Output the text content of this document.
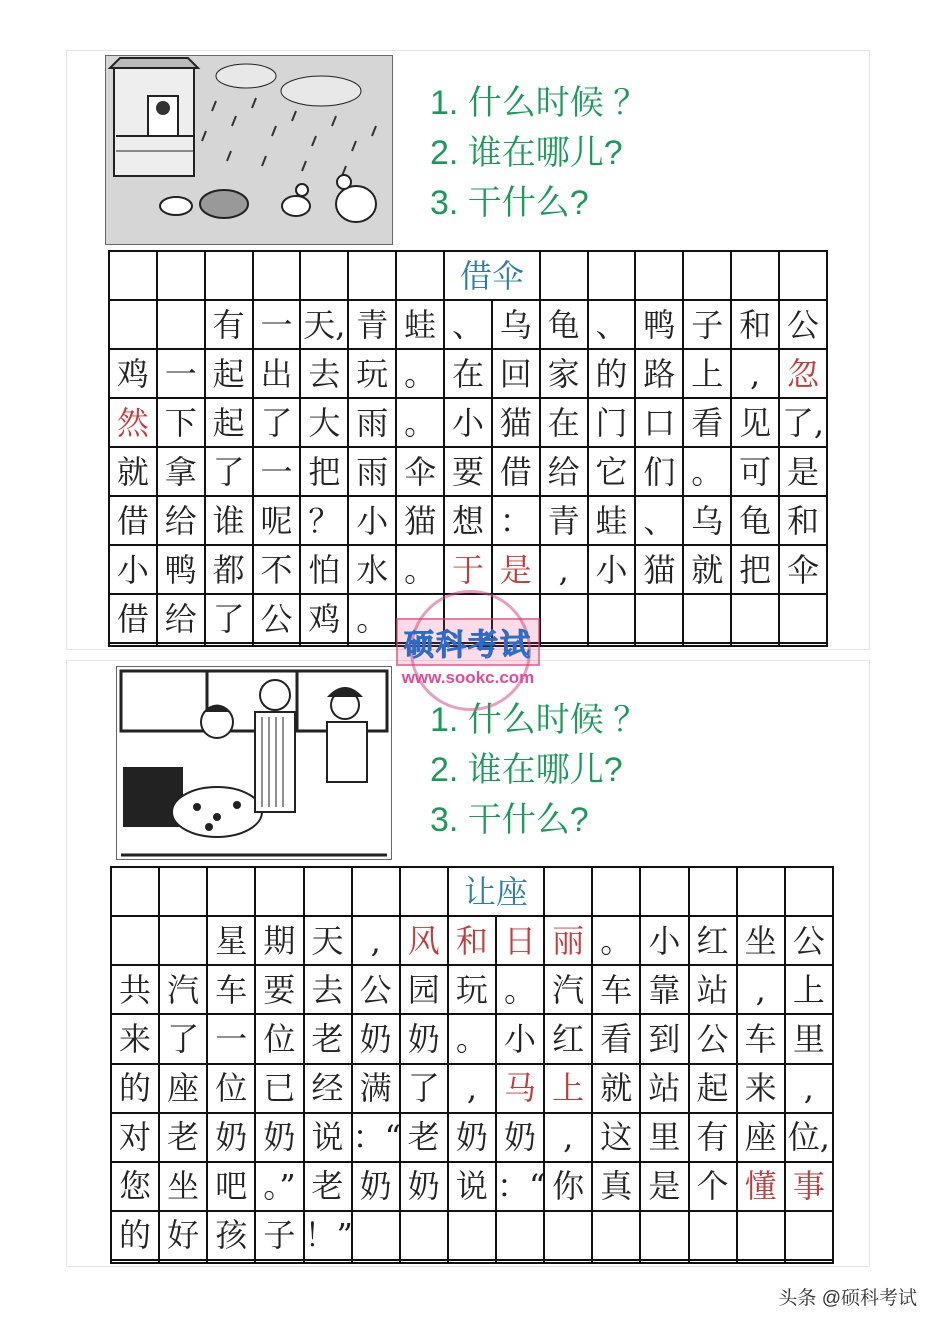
1. 什么时候 ？
2. 谁在哪儿?
3. 干什么?
							借伞							
		有	一	天,	青	蛙	、	乌	龟	、	鸭	子	和	公
鸡	一	起	出	去	玩	。	在	回	家	的	路	上	,	忽
然	下	起	了	大	雨	。	小	猫	在	门	口	看	见	了,
就	拿	了	一	把	雨	伞	要	借	给	它	们	。	可	是
借	给	谁	呢	？	小	猫	想	：	青	蛙	、	乌	龟	和
小	鸭	都	不	怕	水	。	于	是	,	小	猫	就	把	伞
借	给	了	公	鸡	。									

1. 什么时候 ？
2. 谁在哪儿?
3. 干什么?
							让座							
		星	期	天	,	风	和	日	丽	。	小	红	坐	公
共	汽	车	要	去	公	园	玩	。	汽	车	靠	站	,	上
来	了	一	位	老	奶	奶	。	小	红	看	到	公	车	里
的	座	位	已	经	满	了	,	马	上	就	站	起	来	,
对	老	奶	奶	说	：“	老	奶	奶	,	这	里	有	座	位,
您	坐	吧	。”	老	奶	奶	说	：“	你	真	是	个	懂	事
的	好	孩	子	！”										

硕科考试
www.sookc.com
头条 @硕科考试
